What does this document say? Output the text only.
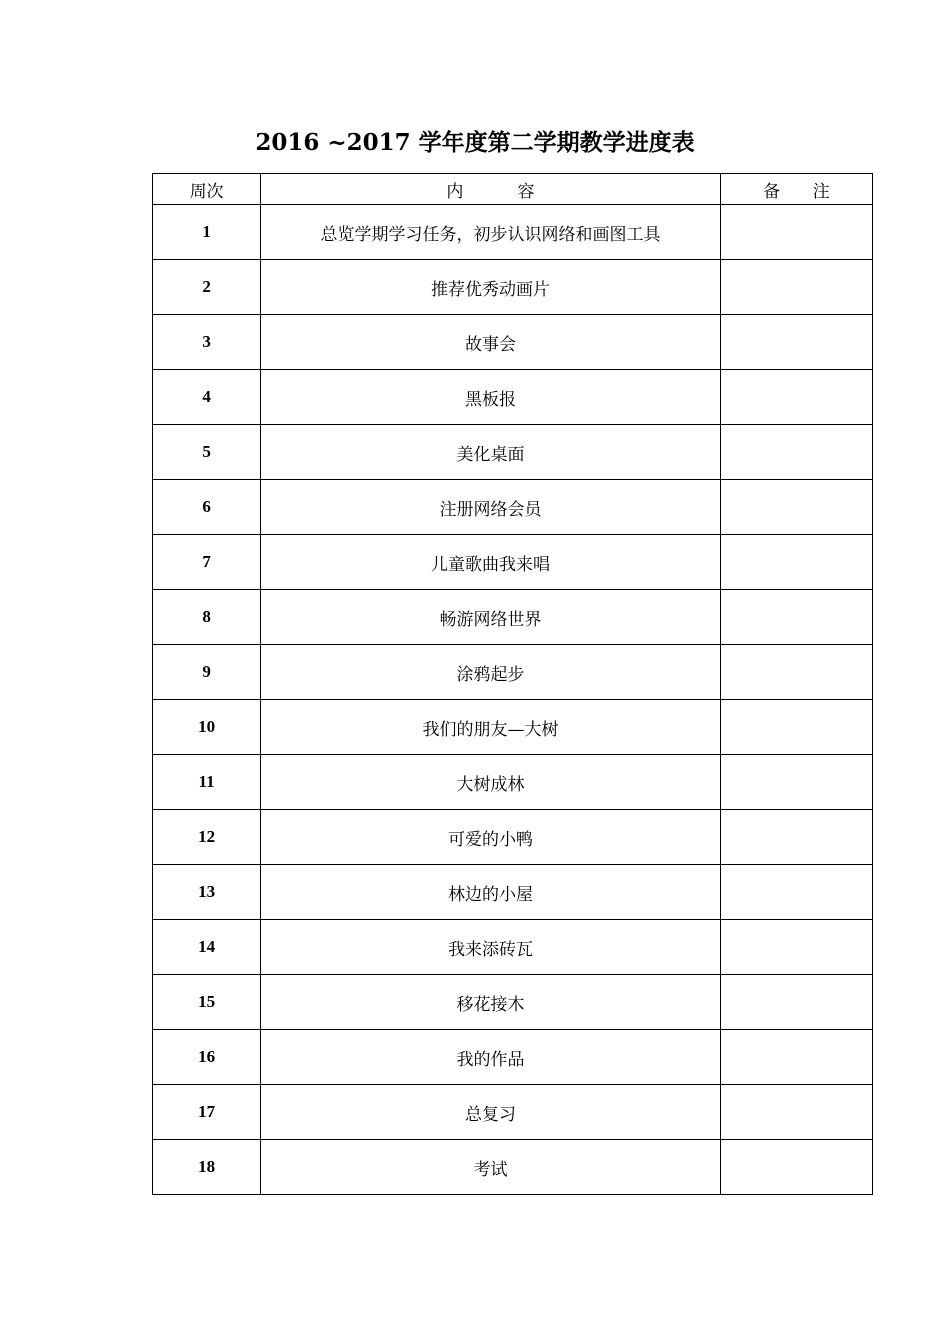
2016 ~2017 学年度第二学期教学进度表
周次	内          容	备      注
1	总览学期学习任务，初步认识网络和画图工具	
2	推荐优秀动画片	
3	故事会	
4	黑板报	
5	美化桌面	
6	注册网络会员	
7	儿童歌曲我来唱	
8	畅游网络世界	
9	涂鸦起步	
10	我们的朋友—大树	
11	大树成林	
12	可爱的小鸭	
13	林边的小屋	
14	我来添砖瓦	
15	移花接木	
16	我的作品	
17	总复习	
18	考试	
